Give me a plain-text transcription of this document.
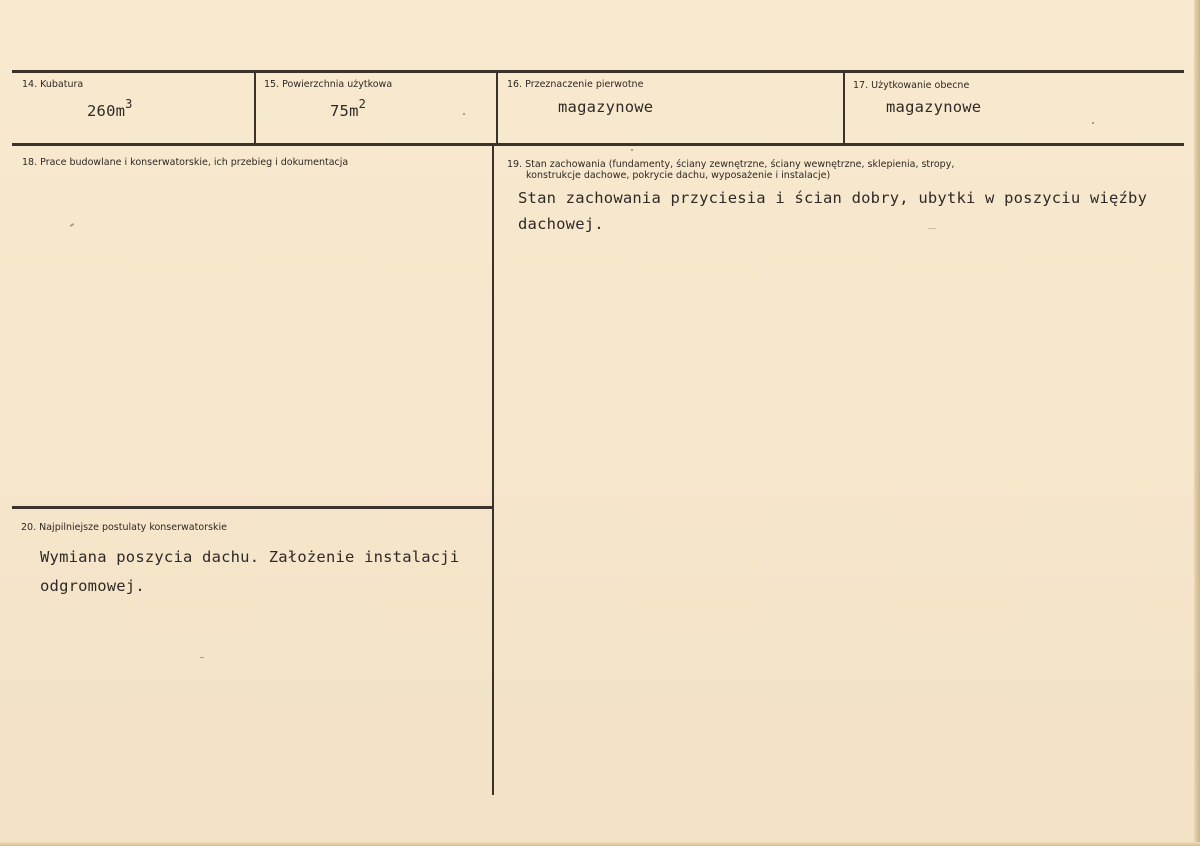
14. Kubatura
$260m^3$
15. Powierzchnia użytkowa
$75m^2$
16. Przeznaczenie pierwotne
magazynowe
17. Użytkowanie obecne
magazynowe
18. Prace budowlane i konserwatorskie, ich przebieg i dokumentacja	19. Stan zachowania (fundamenty, ściany zewnętrzne, ściany wewnętrzne, sklepienia, stropy,
konstrukcje dachowe, pokrycie dachu, wyposażenie i instalacje)
Stan zachowania przyciesia i ścian dobry, ubytki w poszyciu więźby
dachowej.
20. Najpilniejsze postulaty konserwatorskie
Wymiana poszycia dachu. Założenie instalacji
odgromowej.
